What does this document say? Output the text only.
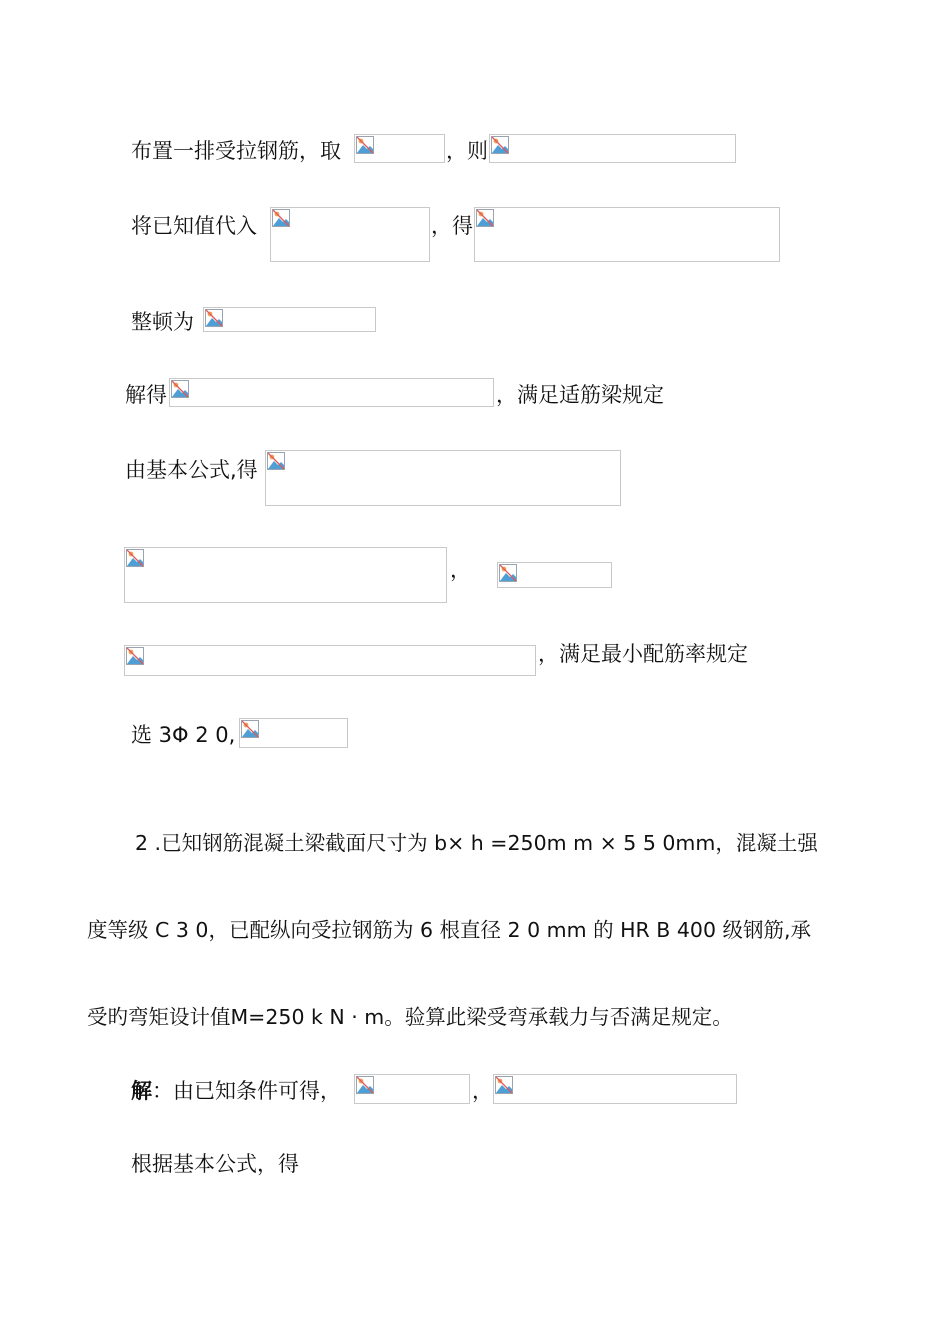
布置一排受拉钢筋，取	，则
将已知值代入	，得
整顿为
解得	，满足适筋梁规定
由基本公式,得
，
，满足最小配筋率规定
选 3Φ 2 0,
2 .已知钢筋混凝土梁截面尺寸为 b× h =250m m × 5 5 0mm，混凝土强
度等级 C 3 0，已配纵向受拉钢筋为 6 根直径 2 0 mm 的 HR B 400 级钢筋,承
受旳弯矩设计值M=250 k N · m。验算此梁受弯承载力与否满足规定。
解：由已知条件可得，	，
根据基本公式，得
